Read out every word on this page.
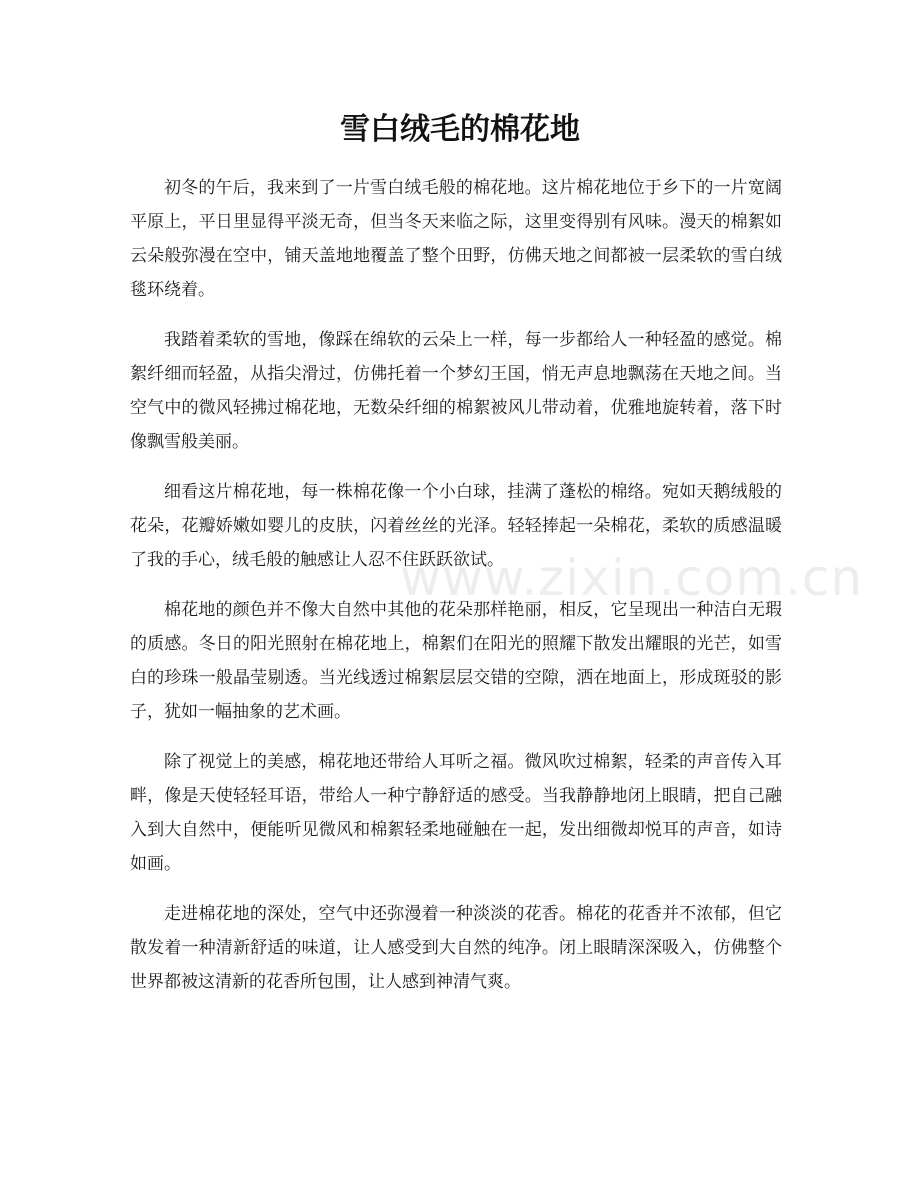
雪白绒毛的棉花地

初冬的午后，我来到了一片雪白绒毛般的棉花地。这片棉花地位于乡下的一片宽阔平原上，平日里显得平淡无奇，但当冬天来临之际，这里变得别有风味。漫天的棉絮如云朵般弥漫在空中，铺天盖地地覆盖了整个田野，仿佛天地之间都被一层柔软的雪白绒毯环绕着。

我踏着柔软的雪地，像踩在绵软的云朵上一样，每一步都给人一种轻盈的感觉。棉絮纤细而轻盈，从指尖滑过，仿佛托着一个梦幻王国，悄无声息地飘荡在天地之间。当空气中的微风轻拂过棉花地，无数朵纤细的棉絮被风儿带动着，优雅地旋转着，落下时像飘雪般美丽。

细看这片棉花地，每一株棉花像一个小白球，挂满了蓬松的棉络。宛如天鹅绒般的花朵，花瓣娇嫩如婴儿的皮肤，闪着丝丝的光泽。轻轻捧起一朵棉花，柔软的质感温暖了我的手心，绒毛般的触感让人忍不住跃跃欲试。

棉花地的颜色并不像大自然中其他的花朵那样艳丽，相反，它呈现出一种洁白无瑕的质感。冬日的阳光照射在棉花地上，棉絮们在阳光的照耀下散发出耀眼的光芒，如雪白的珍珠一般晶莹剔透。当光线透过棉絮层层交错的空隙，洒在地面上，形成斑驳的影子，犹如一幅抽象的艺术画。

除了视觉上的美感，棉花地还带给人耳听之福。微风吹过棉絮，轻柔的声音传入耳畔，像是天使轻轻耳语，带给人一种宁静舒适的感受。当我静静地闭上眼睛，把自己融入到大自然中，便能听见微风和棉絮轻柔地碰触在一起，发出细微却悦耳的声音，如诗如画。

走进棉花地的深处，空气中还弥漫着一种淡淡的花香。棉花的花香并不浓郁，但它散发着一种清新舒适的味道，让人感受到大自然的纯净。闭上眼睛深深吸入，仿佛整个世界都被这清新的花香所包围，让人感到神清气爽。

www.zixin.com.cn
